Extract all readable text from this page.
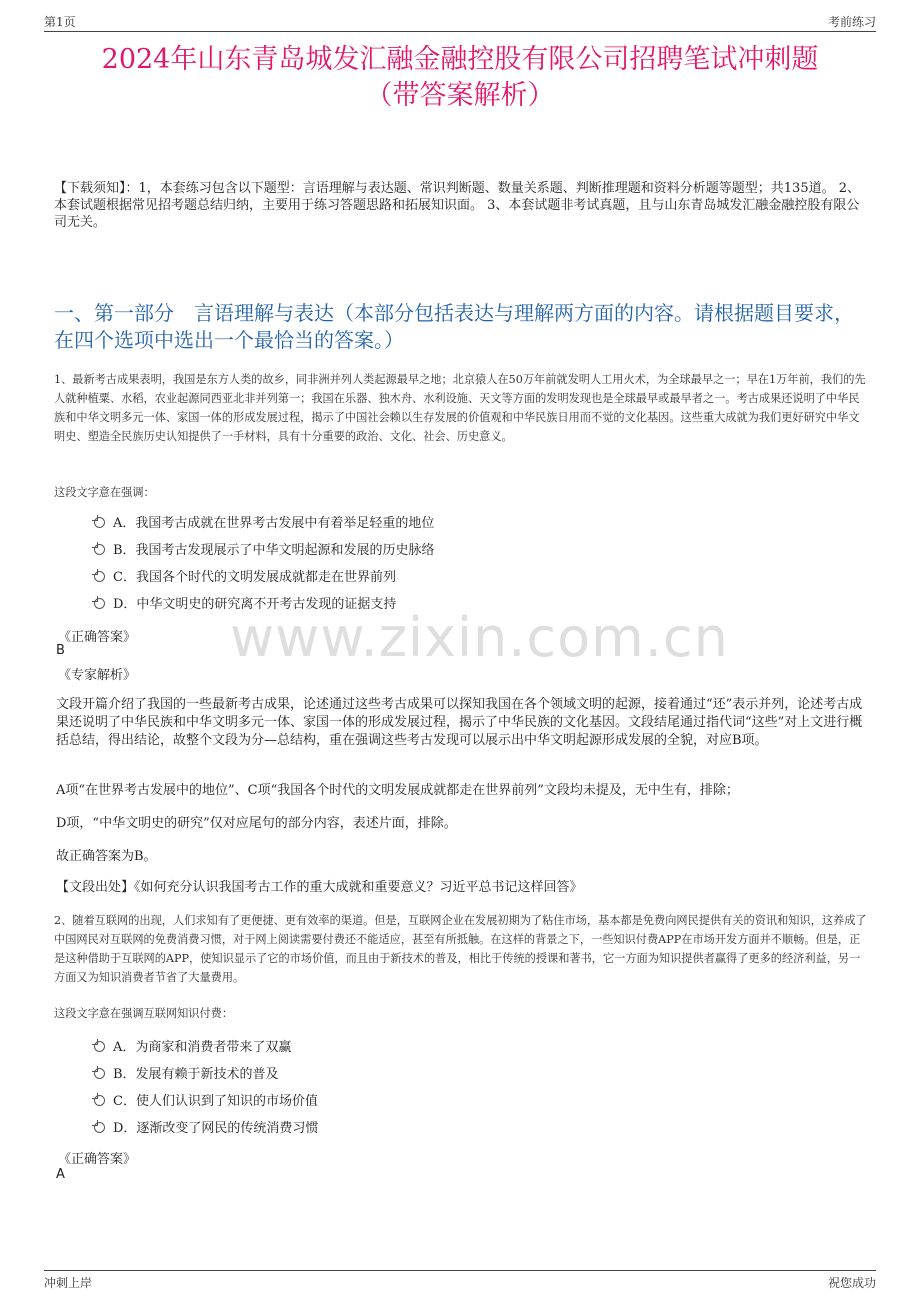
第1页	考前练习
2024年山东青岛城发汇融金融控股有限公司招聘笔试冲刺题
（带答案解析）
【下载须知】：1，本套练习包含以下题型：言语理解与表达题、常识判断题、数量关系题、判断推理题和资料分析题等题型；共135道。 2、本套试题根据常见招考题总结归纳，主要用于练习答题思路和拓展知识面。 3、本套试题非考试真题，且与山东青岛城发汇融金融控股有限公司无关。
一、第一部分　言语理解与表达（本部分包括表达与理解两方面的内容。请根据题目要求，在四个选项中选出一个最恰当的答案。）
www.zixin.com.cn
1、最新考古成果表明，我国是东方人类的故乡，同非洲并列人类起源最早之地；北京猿人在50万年前就发明人工用火术，为全球最早之一；早在1万年前，我们的先人就种植粟、水稻，农业起源同西亚北非并列第一；我国在乐器、独木舟、水利设施、天文等方面的发明发现也是全球最早或最早者之一。考古成果还说明了中华民族和中华文明多元一体、家国一体的形成发展过程，揭示了中国社会赖以生存发展的价值观和中华民族日用而不觉的文化基因。这些重大成就为我们更好研究中华文明史、塑造全民族历史认知提供了一手材料，具有十分重要的政治、文化、社会、历史意义。
这段文字意在强调：
A．我国考古成就在世界考古发展中有着举足轻重的地位
B．我国考古发现展示了中华文明起源和发展的历史脉络
C．我国各个时代的文明发展成就都走在世界前列
D．中华文明史的研究离不开考古发现的证据支持
《正确答案》
B
《专家解析》
文段开篇介绍了我国的一些最新考古成果，论述通过这些考古成果可以探知我国在各个领域文明的起源，接着通过“还”表示并列，论述考古成果还说明了中华民族和中华文明多元一体、家国一体的形成发展过程，揭示了中华民族的文化基因。文段结尾通过指代词“这些”对上文进行概括总结，得出结论，故整个文段为分—总结构，重在强调这些考古发现可以展示出中华文明起源形成发展的全貌，对应B项。
A项“在世界考古发展中的地位”、C项“我国各个时代的文明发展成就都走在世界前列”文段均未提及，无中生有，排除；
D项，“中华文明史的研究”仅对应尾句的部分内容，表述片面，排除。
故正确答案为B。
【文段出处】《如何充分认识我国考古工作的重大成就和重要意义？习近平总书记这样回答》
2、随着互联网的出现，人们求知有了更便捷、更有效率的渠道。但是，互联网企业在发展初期为了粘住市场，基本都是免费向网民提供有关的资讯和知识，这养成了中国网民对互联网的免费消费习惯，对于网上阅读需要付费还不能适应，甚至有所抵触。在这样的背景之下，一些知识付费APP在市场开发方面并不顺畅。但是，正是这种借助于互联网的APP，使知识显示了它的市场价值，而且由于新技术的普及，相比于传统的授课和著书，它一方面为知识提供者赢得了更多的经济利益，另一方面又为知识消费者节省了大量费用。
这段文字意在强调互联网知识付费：
A．为商家和消费者带来了双赢
B．发展有赖于新技术的普及
C．使人们认识到了知识的市场价值
D．逐渐改变了网民的传统消费习惯
《正确答案》
A
冲刺上岸	祝您成功
